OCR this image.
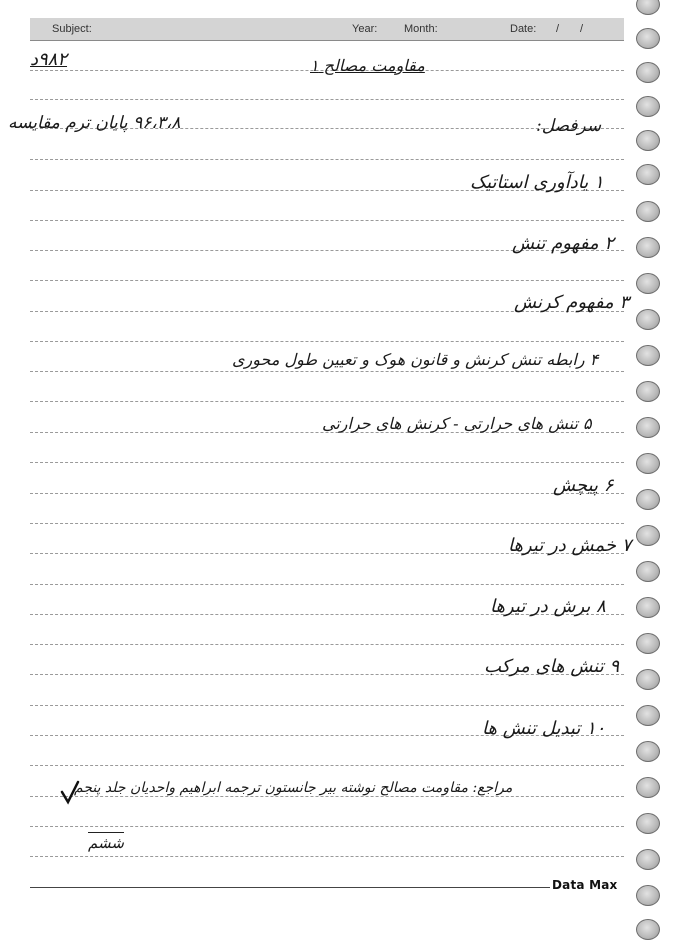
Subject:	Year: Month:	Date: / /
۹۸۲د	مقاومت مصالح ۱
۹۶،۳،۸ پایان ترم مقایسه	سرفصل:
۱ یادآوری استاتیک
۲ مفهوم تنش
۳ مفهوم کرنش
۴ رابطه تنش کرنش و قانون هوک و تعیین طول محوری
۵ تنش های حرارتی - کرنش های حرارتی
۶ پیچش
۷ خمش در تیرها
۸ برش در تیرها
۹ تنش های مرکب
۱۰ تبدیل تنش ها
مراجع: مقاومت مصالح نوشته بیر جانستون ترجمه ابراهیم واحدیان جلد پنجم
ششم
Data Max
